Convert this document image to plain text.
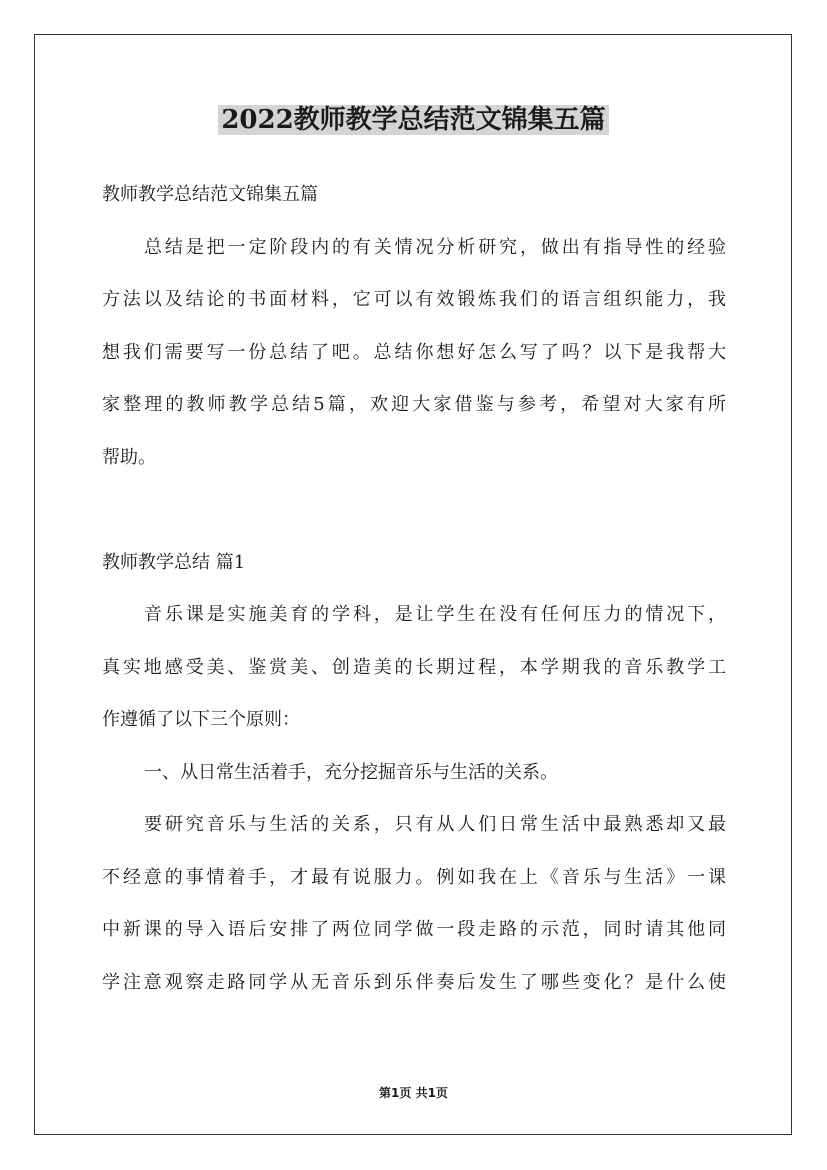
2022教师教学总结范文锦集五篇
教师教学总结范文锦集五篇
总结是把一定阶段内的有关情况分析研究，做出有指导性的经验
方法以及结论的书面材料，它可以有效锻炼我们的语言组织能力，我
想我们需要写一份总结了吧。总结你想好怎么写了吗？以下是我帮大
家整理的教师教学总结5篇，欢迎大家借鉴与参考，希望对大家有所
帮助。
教师教学总结 篇1
音乐课是实施美育的学科，是让学生在没有任何压力的情况下，
真实地感受美、鉴赏美、创造美的长期过程，本学期我的音乐教学工
作遵循了以下三个原则：
一、从日常生活着手，充分挖掘音乐与生活的关系。
要研究音乐与生活的关系，只有从人们日常生活中最熟悉却又最
不经意的事情着手，才最有说服力。例如我在上《音乐与生活》一课
中新课的导入语后安排了两位同学做一段走路的示范，同时请其他同
学注意观察走路同学从无音乐到乐伴奏后发生了哪些变化？是什么使
第1页 共1页
